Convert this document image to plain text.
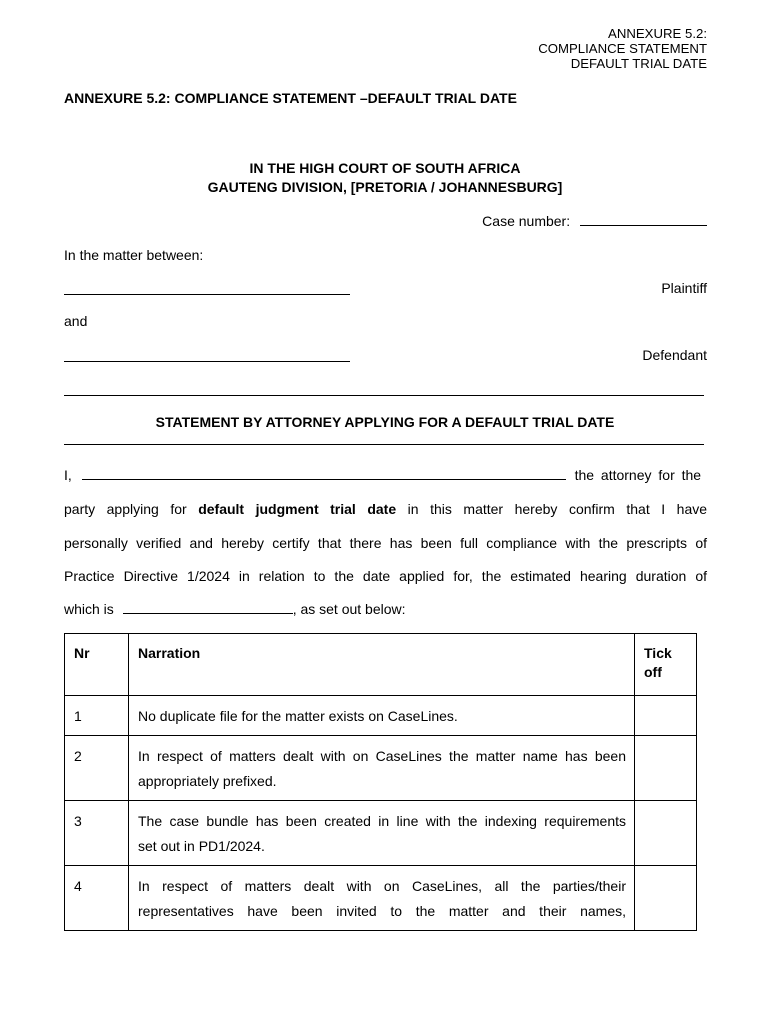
ANNEXURE 5.2:
COMPLIANCE STATEMENT
DEFAULT TRIAL DATE
ANNEXURE 5.2: COMPLIANCE STATEMENT –DEFAULT TRIAL DATE
IN THE HIGH COURT OF SOUTH AFRICA
GAUTENG DIVISION, [PRETORIA / JOHANNESBURG]
Case number:
In the matter between:
Plaintiff
and
Defendant
STATEMENT BY ATTORNEY APPLYING FOR A DEFAULT TRIAL DATE
I,	the attorney for the
party applying for default judgment trial date in this matter hereby confirm that I have
personally verified and hereby certify that there has been full compliance with the prescripts of
Practice Directive 1/2024 in relation to the date applied for, the estimated hearing duration of
which is	, as set out below:
Nr	Narration	Tick off
1	No duplicate file for the matter exists on CaseLines.	
2	In respect of matters dealt with on CaseLines the matter name has been
appropriately prefixed.	
3	The case bundle has been created in line with the indexing requirements
set out in PD1/2024.	
4	In respect of matters dealt with on CaseLines, all the parties/their
representatives have been invited to the matter and their names,	
